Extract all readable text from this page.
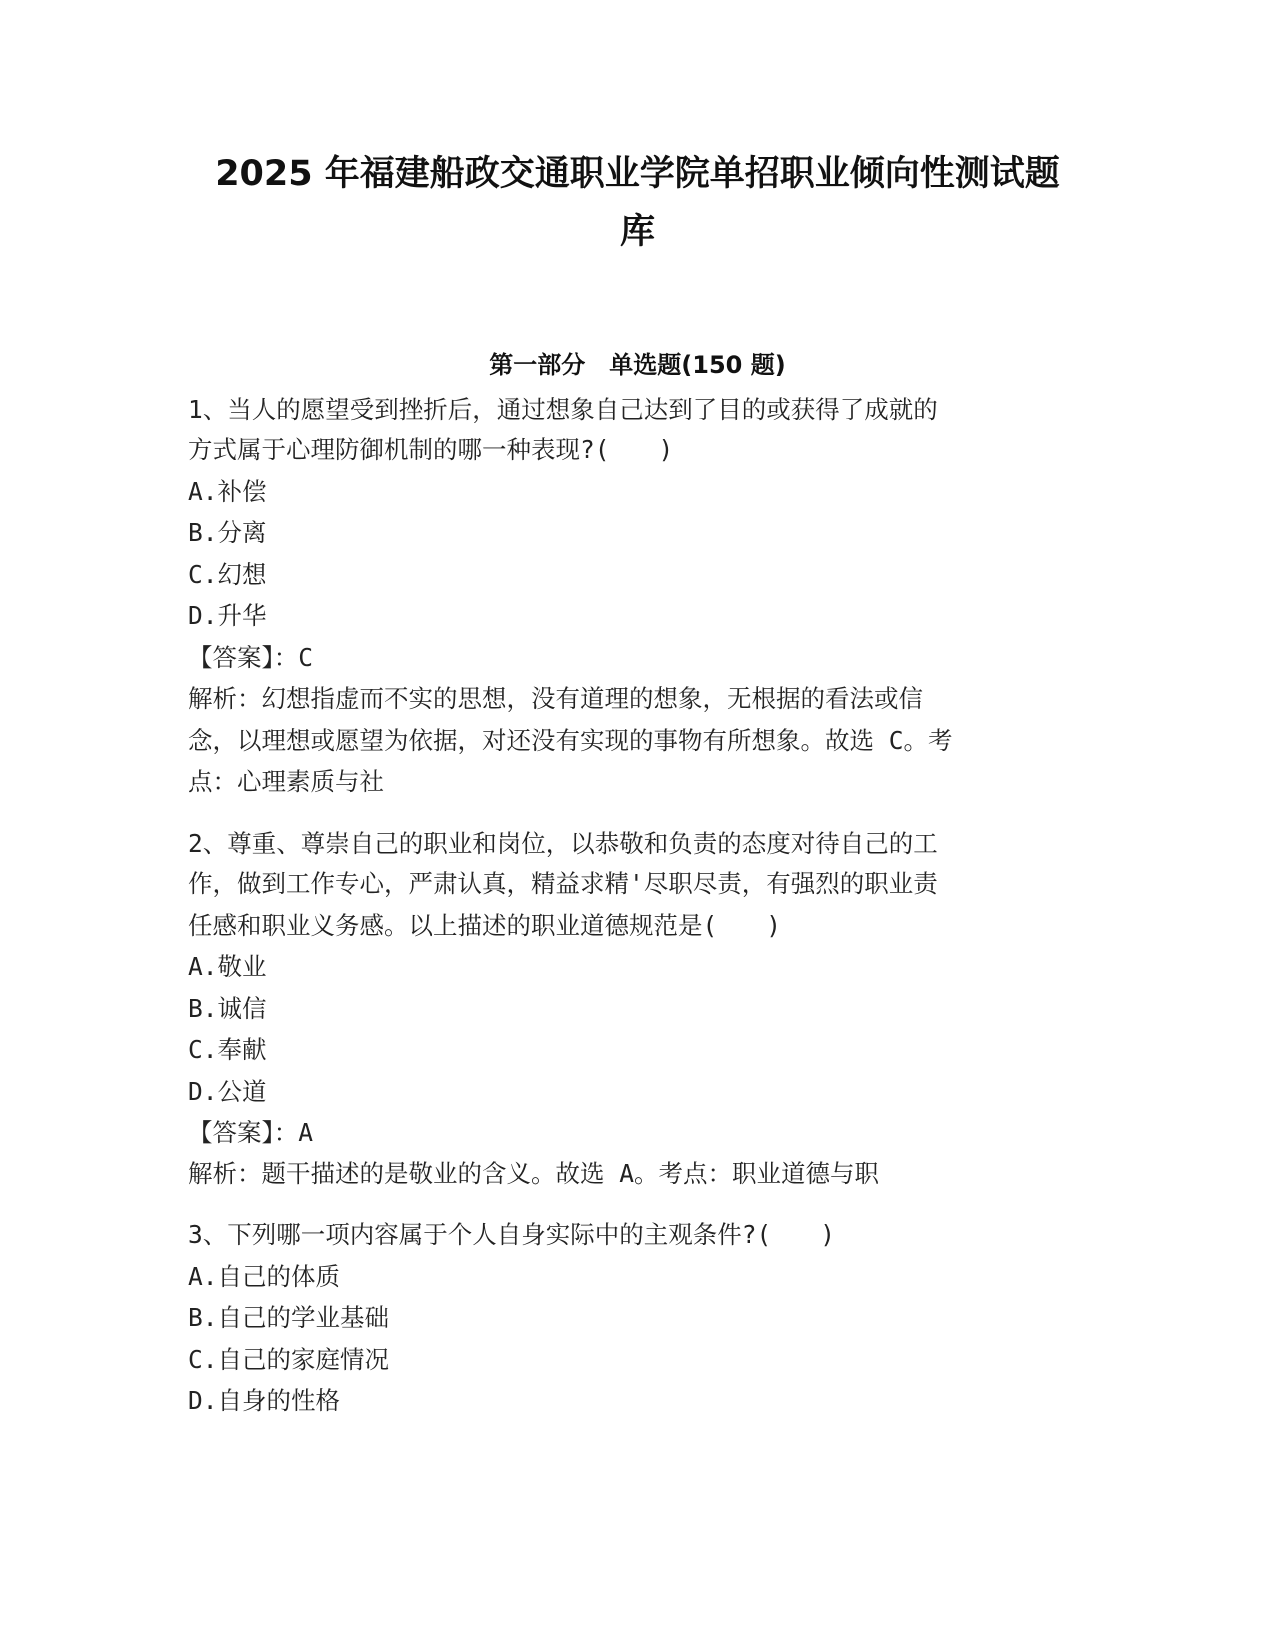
2025 年福建船政交通职业学院单招职业倾向性测试题
库
第一部分　单选题(150 题)

1、当人的愿望受到挫折后，通过想象自己达到了目的或获得了成就的

方式属于心理防御机制的哪一种表现?(　　)

A.补偿

B.分离

C.幻想

D.升华

【答案】：C

解析：幻想指虚而不实的思想，没有道理的想象，无根据的看法或信

念，以理想或愿望为依据，对还没有实现的事物有所想象。故选 C。考

点：心理素质与社

2、尊重、尊崇自己的职业和岗位，以恭敬和负责的态度对待自己的工

作，做到工作专心，严肃认真，精益求精'尽职尽责，有强烈的职业责

任感和职业义务感。以上描述的职业道德规范是(　　)

A.敬业

B.诚信

C.奉献

D.公道

【答案】：A

解析：题干描述的是敬业的含义。故选 A。考点：职业道德与职

3、下列哪一项内容属于个人自身实际中的主观条件?(　　)

A.自己的体质

B.自己的学业基础

C.自己的家庭情况

D.自身的性格
